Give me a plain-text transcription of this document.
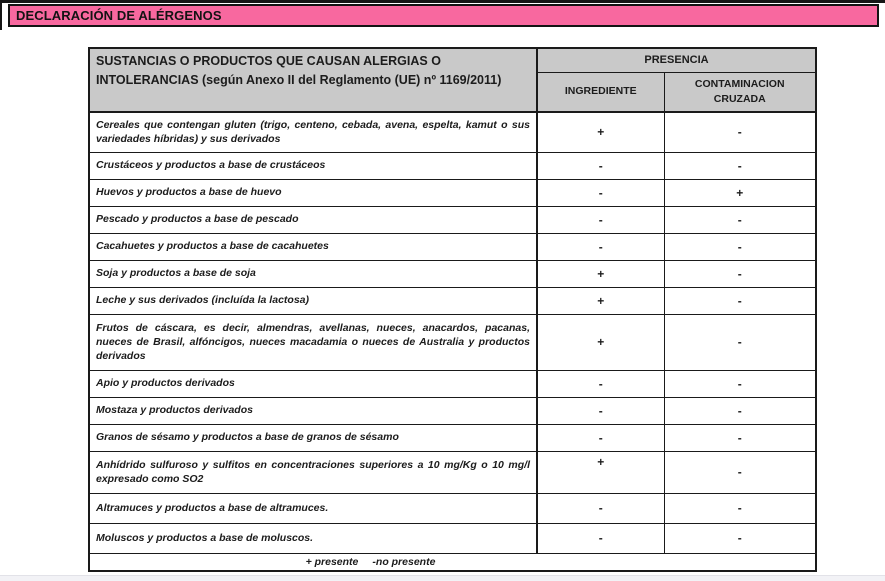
DECLARACIÓN DE ALÉRGENOS
SUSTANCIAS O PRODUCTOS QUE CAUSAN ALERGIAS O INTOLERANCIAS (según Anexo II del Reglamento (UE) nº 1169/2011)	PRESENCIA	
	INGREDIENTE	CONTAMINACION CRUZADA
Cereales que contengan gluten (trigo, centeno, cebada, avena, espelta, kamut o sus variedades híbridas) y sus derivados	+	-
Crustáceos y productos a base de crustáceos	-	-
Huevos y productos a base de huevo	-	+
Pescado y productos a base de pescado	-	-
Cacahuetes y productos a base de cacahuetes	-	-
Soja y productos a base de soja	+	-
Leche y sus derivados (incluída la lactosa)	+	-
Frutos de cáscara, es decir, almendras, avellanas, nueces, anacardos, pacanas, nueces de Brasil, alfóncigos, nueces macadamia o nueces de Australia y productos derivados	+	-
Apio y productos derivados	-	-
Mostaza y productos derivados	-	-
Granos de sésamo y productos a base de granos de sésamo	-	-
Anhídrido sulfuroso y sulfitos en concentraciones superiores a 10 mg/Kg o 10 mg/l expresado como SO2	+	-
Altramuces y productos a base de altramuces.	-	-
Moluscos y productos a base de moluscos.	-	-
+ presente -no presente		
